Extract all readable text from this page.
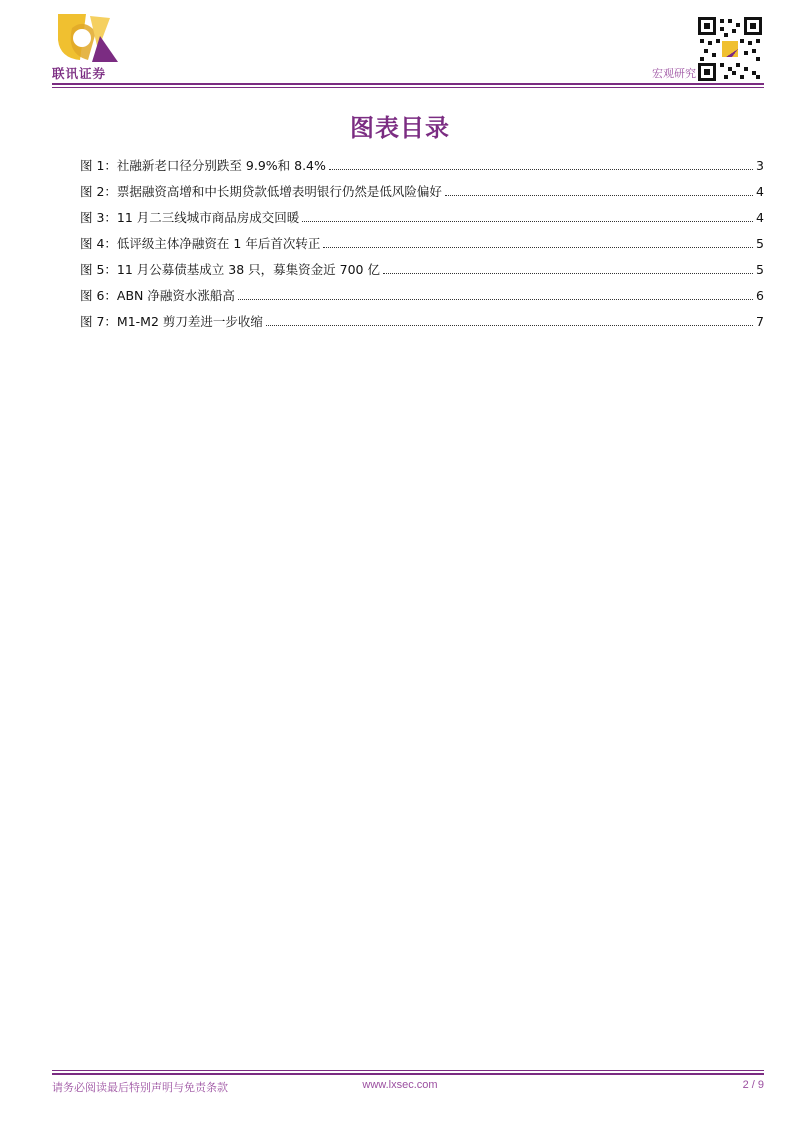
联讯证券	宏观研究
图表目录
图 1：社融新老口径分别跌至 9.9%和 8.4%	3
图 2：票据融资高增和中长期贷款低增表明银行仍然是低风险偏好	4
图 3：11 月二三线城市商品房成交回暖	4
图 4：低评级主体净融资在 1 年后首次转正	5
图 5：11 月公募债基成立 38 只，募集资金近 700 亿	5
图 6：ABN 净融资水涨船高	6
图 7：M1-M2 剪刀差进一步收缩	7
请务必阅读最后特别声明与免责条款	www.lxsec.com	2 / 9
